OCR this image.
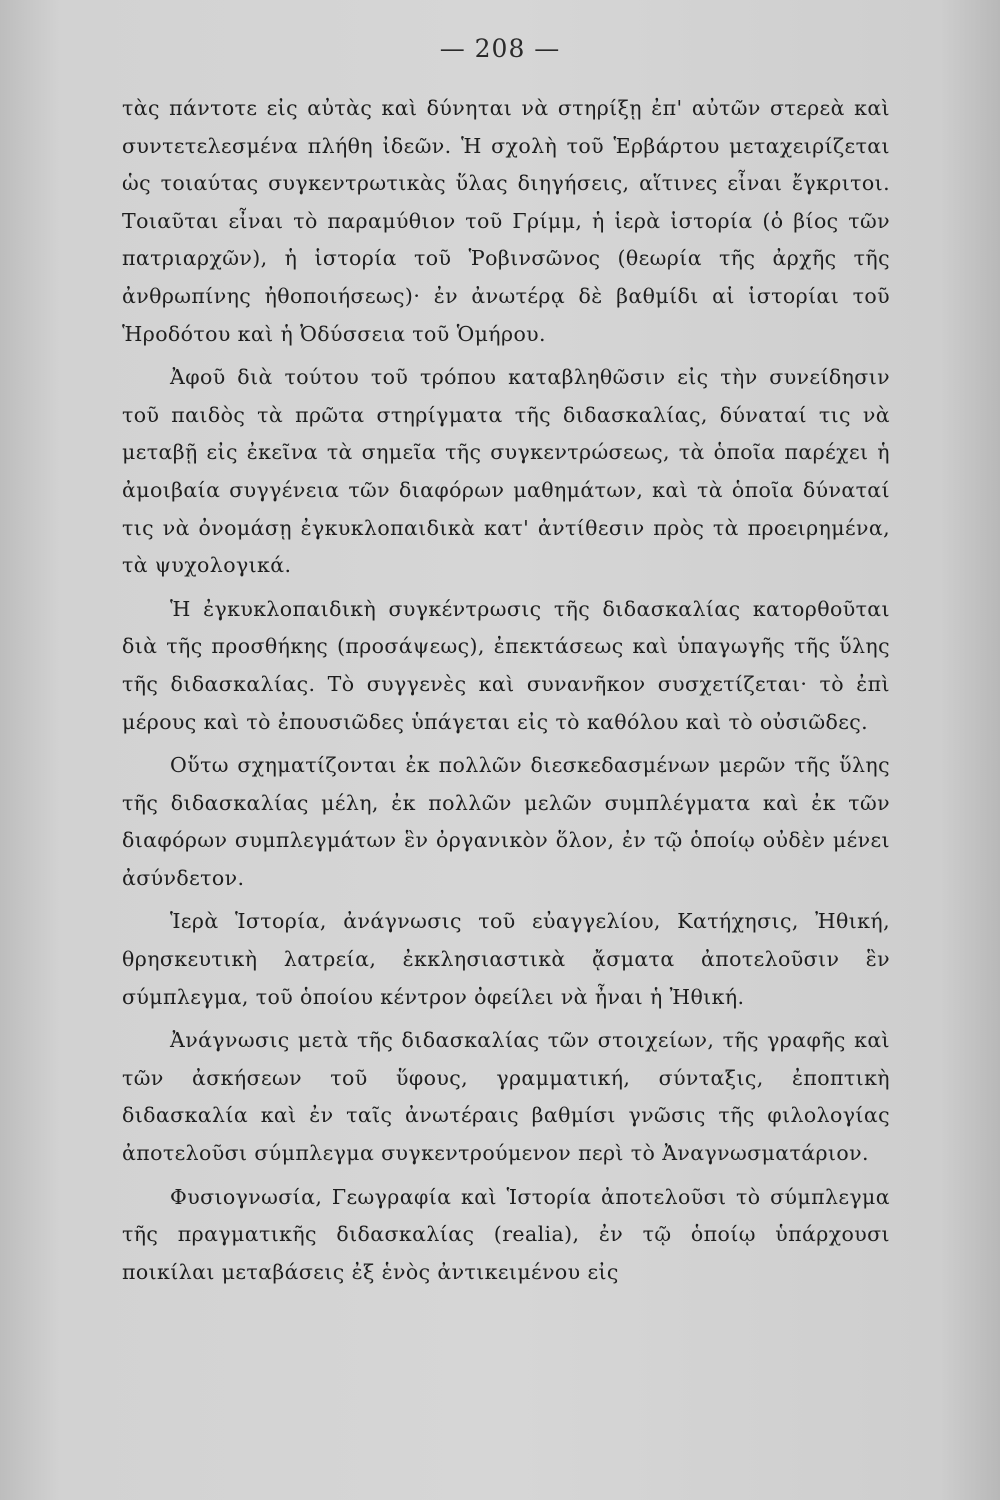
— 208 —

τὰς πάντοτε εἰς αὐτὰς καὶ δύνηται νὰ στηρίξῃ ἐπ' αὐτῶν στερεὰ καὶ συντετελεσμένα πλήθη ἰδεῶν. Ἡ σχολὴ τοῦ Ἑρβάρτου μεταχειρίζεται ὡς τοιαύτας συγκεντρωτικὰς ὕλας διηγήσεις, αἵτινες εἶναι ἔγκριτοι. Τοιαῦται εἶναι τὸ παραμύθιον τοῦ Γρίμμ, ἡ ἱερὰ ἱστορία (ὁ βίος τῶν πατριαρχῶν), ἡ ἱστορία τοῦ Ῥοβινσῶνος (θεωρία τῆς ἀρχῆς τῆς ἀνθρωπίνης ἠθοποιήσεως)· ἐν ἀνωτέρᾳ δὲ βαθμίδι αἱ ἱστορίαι τοῦ Ἡροδότου καὶ ἡ Ὀδύσσεια τοῦ Ὁμήρου.

Ἀφοῦ διὰ τούτου τοῦ τρόπου καταβληθῶσιν εἰς τὴν συνείδησιν τοῦ παιδὸς τὰ πρῶτα στηρίγματα τῆς διδασκαλίας, δύναταί τις νὰ μεταβῇ εἰς ἐκεῖνα τὰ σημεῖα τῆς συγκεντρώσεως, τὰ ὁποῖα παρέχει ἡ ἀμοιβαία συγγένεια τῶν διαφόρων μαθημάτων, καὶ τὰ ὁποῖα δύναταί τις νὰ ὀνομάσῃ ἐγκυκλοπαιδικὰ κατ' ἀντίθεσιν πρὸς τὰ προειρημένα, τὰ ψυχολογικά.

Ἡ ἐγκυκλοπαιδικὴ συγκέντρωσις τῆς διδασκαλίας κατορθοῦται διὰ τῆς προσθήκης (προσάψεως), ἐπεκτάσεως καὶ ὑπαγωγῆς τῆς ὕλης τῆς διδασκαλίας. Τὸ συγγενὲς καὶ συνανῆκον συσχετίζεται· τὸ ἐπὶ μέρους καὶ τὸ ἐπουσιῶδες ὑπάγεται εἰς τὸ καθόλου καὶ τὸ οὐσιῶδες.

Οὕτω σχηματίζονται ἐκ πολλῶν διεσκεδασμένων μερῶν τῆς ὕλης τῆς διδασκαλίας μέλη, ἐκ πολλῶν μελῶν συμπλέγματα καὶ ἐκ τῶν διαφόρων συμπλεγμάτων ἓν ὀργανικὸν ὅλον, ἐν τῷ ὁποίῳ οὐδὲν μένει ἀσύνδετον.

Ἱερὰ Ἱστορία, ἀνάγνωσις τοῦ εὐαγγελίου, Κατήχησις, Ἠθική, θρησκευτικὴ λατρεία, ἐκκλησιαστικὰ ᾄσματα ἀποτελοῦσιν ἓν σύμπλεγμα, τοῦ ὁποίου κέντρον ὀφείλει νὰ ἦναι ἡ Ἠθική.

Ἀνάγνωσις μετὰ τῆς διδασκαλίας τῶν στοιχείων, τῆς γραφῆς καὶ τῶν ἀσκήσεων τοῦ ὕφους, γραμματική, σύνταξις, ἐποπτικὴ διδασκαλία καὶ ἐν ταῖς ἀνωτέραις βαθμίσι γνῶσις τῆς φιλολογίας ἀποτελοῦσι σύμπλεγμα συγκεντρούμενον περὶ τὸ Ἀναγνωσματάριον.

Φυσιογνωσία, Γεωγραφία καὶ Ἱστορία ἀποτελοῦσι τὸ σύμπλεγμα τῆς πραγματικῆς διδασκαλίας (realia), ἐν τῷ ὁποίῳ ὑπάρχουσι ποικίλαι μεταβάσεις ἐξ ἑνὸς ἀντικειμένου εἰς
